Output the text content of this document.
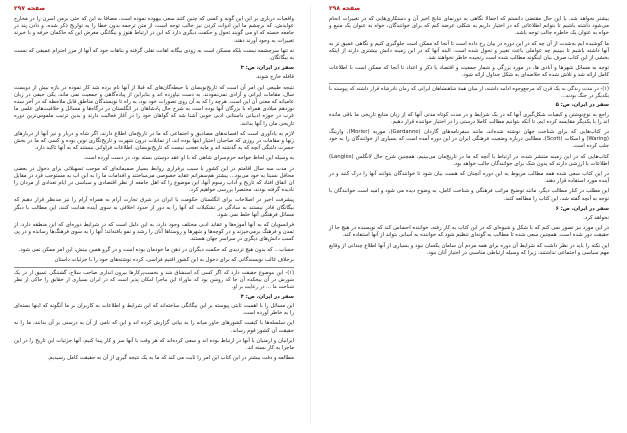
صفحه ۲۹۷

واقعیات درباری بر این این گونه و کسی که چنین کتند سعی بیهوده نموده است، مضافا به این که حتی برمن اسرن را در مخارج عوایدش، که برچشم ما این ادوات کردن نیز جالب توجه است، از متن ترجمه بدون خطا را به تواریخ ذکر شده، و دادن پند در جامعه خسته که او می گویند تحول و حکمت دیگری دارد که این در ارتباط هنوز و بیگانگی مغرض این که حاکمان حرفه و با خبرند تغییرات به وجود آورند دهند.

نه تنها سرچشمه نیست بلکه مسکن است به زودی بیگانه اهانت نقلی گرفته و بناهات خود که آنها از مرز احترام عمیقی که نسبت به بیگانگان.

سفر در ایران، ص: ۳

قافله خارج شوند.

نتیجه طبیعی این امر آن است که تاریخ‌نویسان با حیطه‌گان‌های که قبلا از آنها نام برده شد کار نموده در بازه بیش از دویست سال، مقامات ایرانی و آزادی نمی‌نمودند. به دست نیاورده اند و بنابراین از پیاده‌گاهی و جمعیت نمی ماند، یکی حیفی در زبان عامیانه که معنی آن این است. هرچه را که به آن روی تصورات خود بود، به راه تا نویسندگان مناطق قابل ملاحظه که در آخر سده نوزدهم میلادی همراه با بزرگان آنها بوده است به شرح حال پادشاهان در انگلستان در درگاه‌ها و مسائل و خلاقیت‌های علمی ما غرب در حوزه ادبیاتی داستانی ادبی خوبی آشنا شد که گواهان خود را در آغاز فعالیت دارند و بدین ترتیب ملموس‌ترین دوره تاریخی مان را آنها بدانند.

لازم به یادآوری است که افسانه‌های مصادیق و اجتماعی که ما در تاریخ‌مان اطلاع دارند، اگر شاه و دربار و نیز آنها از دربارهای زنها و مقامات در روزی که صاحبان اختیار اینها بوده اند، از تمایلات درون شهرت و تاریخ‌نگاری نوین بوده و کسی که ما در بخش حسرت دلتنگی آنچه که به گذشته اند و مایه تعجب نیست که تاریخ‌نویسان، اطلاعات فراوانی نیستند که به آنها تاکید دارد.

به وسیله این لحاظ خواجه حرم‌سرای شاهی که با او عقد دوستی بسته بود، در دست آورده است.

در مدت سه سال اقامتم در این کشور با سبب برقراری روابط بسیار صمیمانه‌ای که موجب تسهیلاتی برای دخول در بعضی محافل نسبتا به خود می‌بود... بیشتر هم‌سفرانم عقاید خصوصی می‌ساختند و اقدامات ما را به ابن اب به مستوجب فرد در مقابل ان اتفاق افتاد که تاریخ و آداب رسوم آنها، این موضوع را که اهل جامعه از نظر اقتصادی و سیاسی در ایام تعدادی از مردان را نادیده گرفته بودند، مختصرا بررسی خواهیم کرد.

پیشرفت اخیر در اصلاحات برای انگلستان حکومت با ایران در شرق تجارت آرام به همراه آرام را نیز مدنظر قرار دهیم که بیگانگان قادر نیستند به سادگی در تشکیلات که آنها را به دور از حدود اخلاقی به سوی آینده هدایت کنند، این مطالب با دیگر مسائل فرهنگی آنها خلط نمی شود.

فرانسویان که به آنها آموزه‌ها و عقاید ادبی مختلف وجود دارد، به این دلیل است که در شرایط دوره‌ای که این منطقه دارد، از تمدن و فرهنگ برمی‌خیزند و در کوچه‌ها و شهرها و روستاها آنان را رشد و نمو یافته‌اند؛ آنها را به سوی فرهنگ‌ها رسانده و در پی کسب دانش‌های دیگری در سراسر جهان هستند.

حساب... که بدون هیچ تردیدی که حکمت دیگران در ذهن ما خودمان بوده است و در گرو همین بینش، این امر ممکن نمی شود.

برخلاف غالب نویسندگانی که برای دخول به این کشور اقتیم فراسی، کرده نوشته‌های خود را با جزئیات داستان

(۱)- این موضوع حقیقت دارد که اگر کسی که استشاق شد و نخست‌پرکارها بیرون اندازی صاحب سلاح، گشتنگی عمیق از در یک شورش در آن بیخکده آن جا که روشن بود که ماوراء این ماجرا امکان پذیر است که در ایران بسیاری از حقایق را حاکی از نظر شناخت ما ... در رعایت بر او.

سفر در ایران، ص: ۴

این مسائل را با اهمیت ثابتی پیوسته بر این بیگانگی ساخته‌اند که این شرایط و اطلاعات به کاربران بر ما آنگونه که اینها بسته‌ای را به خاطر آورده است.

این سلسله‌ها با کیفیت کشورهای خاور میانه را به بیانی گزارش کرده اند و این که نامی از آن به درستی بر آن بدانند، ما را به حقیقت آن کشور قوم رساند.

ایرانیان و ارمنیان با آنها در ارتباط بوده اند و سعی کرده‌اند که هر وقت با آنها سر و کار پیدا کنیم. آنها جزئیات این تاریخ را در این ماجرا به کار بسته اند.

مطالعه و دقت بیشتر در این کتاب این امر را ثابت می کند که ما به یک نتیجه گیری از آن به حقیقت کامل رسیدیم.

صفحه ۲۹۸

بیشتر نخواهد شد. با این حال مقتضی دانستم که اجمالا نگاهی به دورنمای نتایج اخیر آن و دستکاری‌هایی که در تغییرات انجام می‌شود داشته باشیم تا بتوانم اطلاعاتی که در اختیار داریم به شکلی عرضه کنم که برای خوانندگان، خواه به عنوان یک منبع و خواه به عنوان یک خاطره جالب توجه باشد.

ما کوشیده ایم به‌شدت از آن چه که در این دوره در بیان رخ داده است تا آنجا که ممکن است جلوگیری کنیم و نگاهی عمیق تر به آنها داشته باشیم تا ببینیم چه عواملی باعث تغییر و تحول شده است. البته آنها که در این زمینه دانش بیشتری دارند از اینکه بخشی از این کتاب صرف بیان اینگونه مطالب شده است رنجیده خاطر نخواهند شد.

توجه به مسائل شهرها و آبادی ها، در مورد بزرگی و شمار جمعیت و اقتصاد با ذکر و اعداد تا آنجا که ممکن است با اطلاعات کامل ارائه شد و تلاش شده که خلاصه‌ای به شکل جداول ارائه شود.

(۱)- در مدت زندگی به یک قرن که مرجع‌وجوه ادامه داشته، از میان همهٔ شاهنشاهان ایرانی که زمان نادرشاه قرار داشته که پیوسته با یکدیگر در جنگ بودند...

سفر در ایران، ص: ۵

راجع به نوع‌نوشتن و کیفیات شکل‌گیری آنها که در یک شرایط و در مدت کوتاه مدتی آنها که از زبان منابع تاریخی ما باقی مانده اند را با یکدیگر مقایسه کرده ایم، تا آنکه بتوانیم مطالب کاملا درستی را در اختیار خواننده قرار دهیم.

در کتاب‌هایی که برای شناخت جهان نوشته شده‌اند، مانند سفرنامه‌های گاردان (Gardanne)، موریه (Morier)، وارینگ (Waring) و اسکات (Scott)، مطالبی درباره وضعیت فرهنگی ایران در این دوره آمده است که بسیاری از خوانندگان را به خود جلب کرده است.

کتاب‌هایی که در این زمینه منتشر شده، در ارتباط با آنچه که ما در تاریخ‌مان می‌بینیم، همچنین شرح حال لانگلس (Langlès) اطلاعات با ارزشی دارند که بدون شک برای خوانندگان جالب خواهد بود.

در این کتاب سعی شده همه مطالب مربوط به این دوره آنچنان که هست بیان شود تا خوانندگان بتوانند آنها را درک کنند و در آینده مورد استفاده قرار دهند.

این مطلب در کنار مطالب دیگر، مانند توضیح مراتب فرهنگی و شناخت کامل، به وضوح دیده می شود و امید است خوانندگان با توجه به آنچه گفته شد، این کتاب را مطالعه کنند.

سفر در ایران، ص: ۶

نخواهد کرد.

در این مورد نیز تصور نمی کنم که با شکل و شیوه‌ای که در این کتاب به کار رفته، خواننده احساس کند که نویسنده در هیچ جا از حقیقت دور شده است. همچنین سعی شده تا مطالب به گونه‌ای تنظیم شود که خواننده به آسانی بتواند از آنها استفاده کند.

این نکته را باید در نظر داشت که شرایط آن دوره برای همه مردم آن سامان یکسان نبود و بسیاری از آنها اطلاع چندانی از وقایع مهم سیاسی و اجتماعی نداشتند، زیرا که وسیله ارتباطی مناسبی در اختیار آنان نبود.
